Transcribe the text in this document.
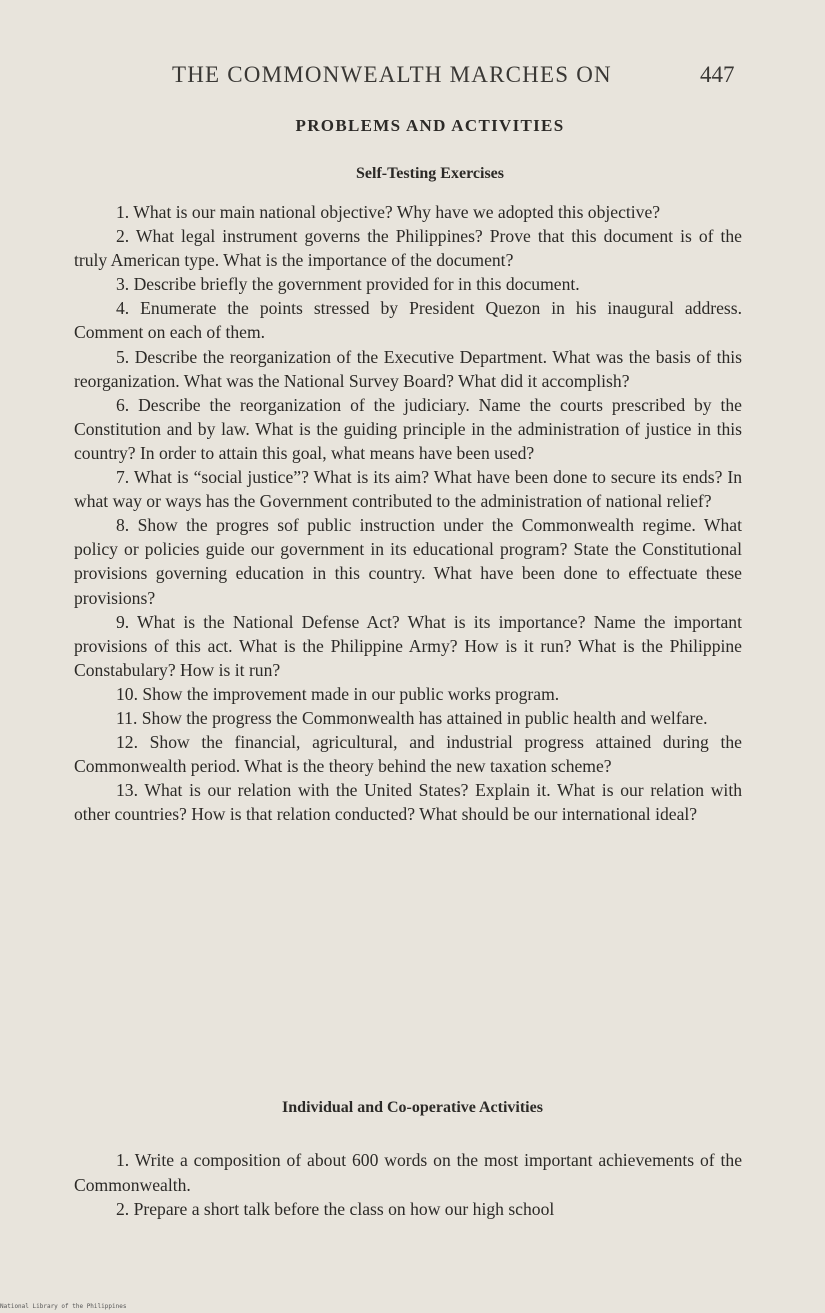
THE COMMONWEALTH MARCHES ON	447
PROBLEMS AND ACTIVITIES
Self-Testing Exercises

1. What is our main national objective? Why have we adopted this objective?

2. What legal instrument governs the Philippines? Prove that this document is of the truly American type. What is the importance of the document?

3. Describe briefly the government provided for in this document.

4. Enumerate the points stressed by President Quezon in his inaugural address. Comment on each of them.

5. Describe the reorganization of the Executive Department. What was the basis of this reorganization. What was the National Survey Board? What did it accomplish?

6. Describe the reorganization of the judiciary. Name the courts prescribed by the Constitution and by law. What is the guiding principle in the administration of justice in this country? In order to attain this goal, what means have been used?

7. What is “social justice”? What is its aim? What have been done to secure its ends? In what way or ways has the Government contributed to the administration of national relief?

8. Show the progres sof public instruction under the Commonwealth regime. What policy or policies guide our government in its educational program? State the Constitutional provisions governing education in this country. What have been done to effectuate these provisions?

9. What is the National Defense Act? What is its importance? Name the important provisions of this act. What is the Philippine Army? How is it run? What is the Philippine Constabulary? How is it run?

10. Show the improvement made in our public works program.

11. Show the progress the Commonwealth has attained in public health and welfare.

12. Show the financial, agricultural, and industrial progress attained during the Commonwealth period. What is the theory behind the new taxation scheme?

13. What is our relation with the United States? Explain it. What is our relation with other countries? How is that relation conducted? What should be our international ideal?

Individual and Co-operative Activities

1. Write a composition of about 600 words on the most important achievements of the Commonwealth.

2. Prepare a short talk before the class on how our high school

National Library of the Philippines
